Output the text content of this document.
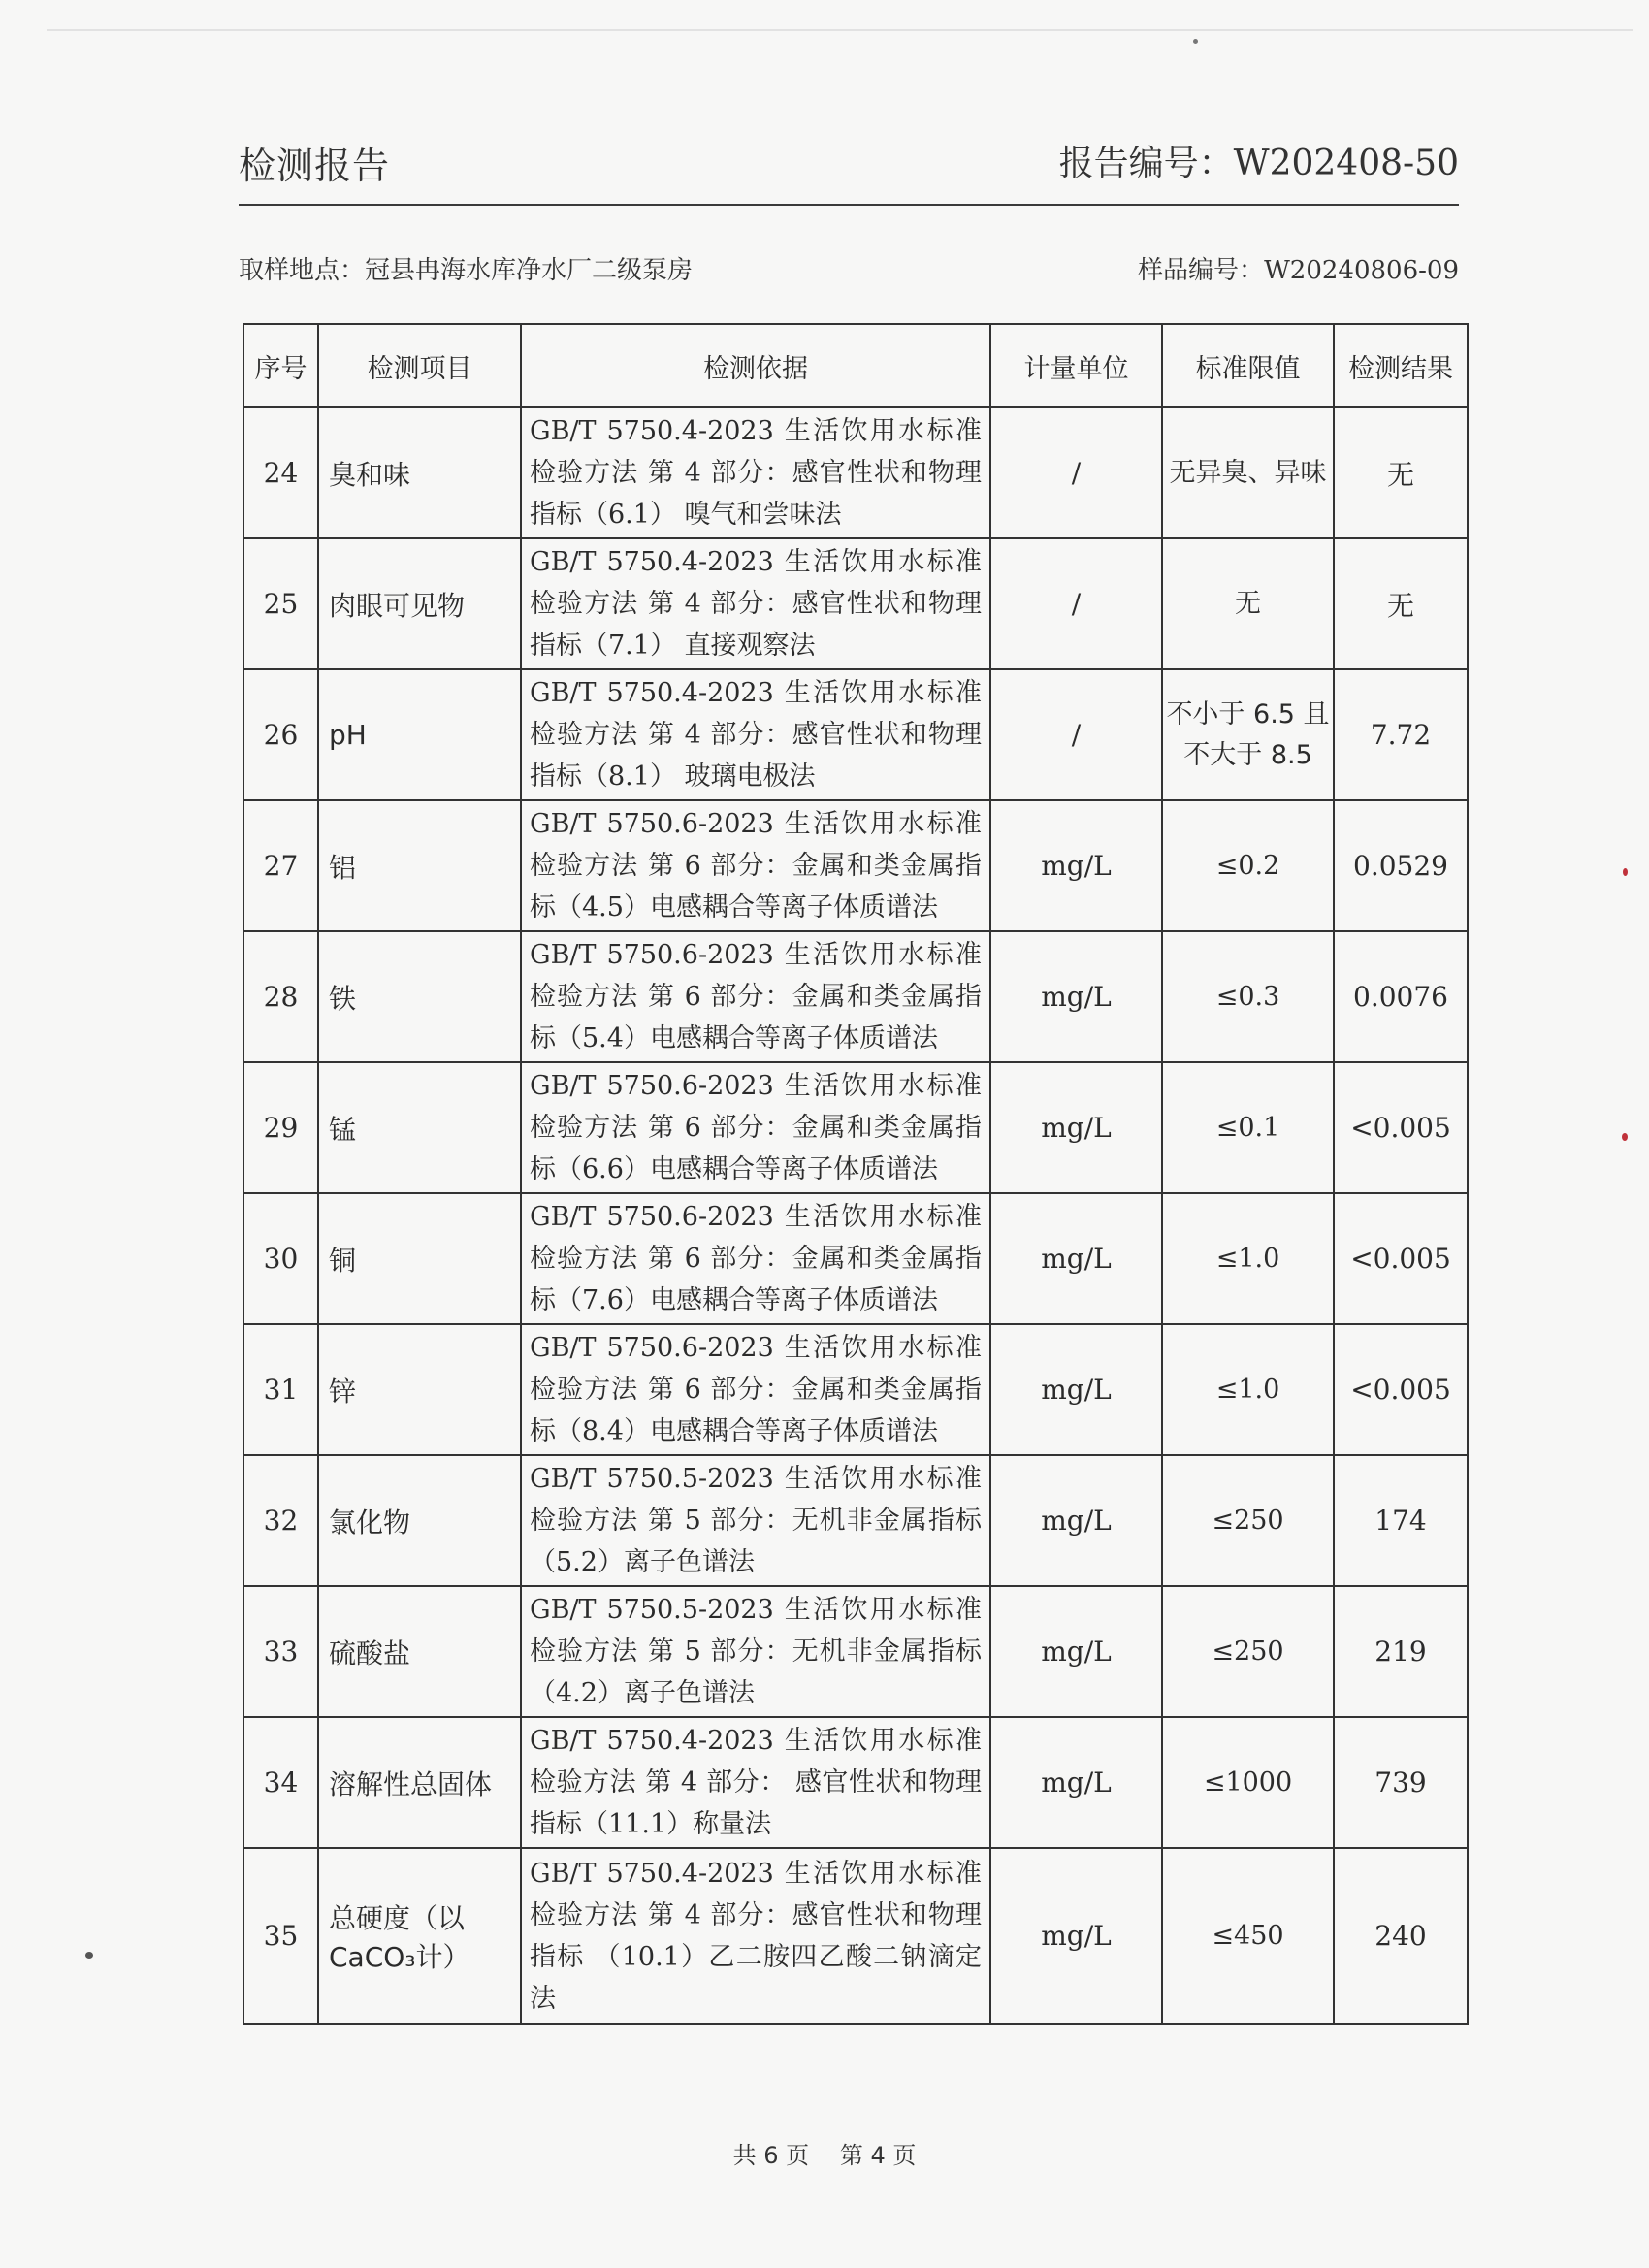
检测报告	报告编号：W202408-50
取样地点：冠县冉海水库净水厂二级泵房	样品编号：W20240806-09
序号	检测项目	检测依据	计量单位	标准限值	检测结果
24	臭和味	GB/T 5750.4-2023 生活饮用水标准检验方法 第 4 部分：感官性状和物理指标（6.1） 嗅气和尝味法	/	无异臭、异味	无
25	肉眼可见物	GB/T 5750.4-2023 生活饮用水标准检验方法 第 4 部分：感官性状和物理指标（7.1） 直接观察法	/	无	无
26	pH	GB/T 5750.4-2023 生活饮用水标准检验方法 第 4 部分：感官性状和物理指标（8.1） 玻璃电极法	/	不小于 6.5 且不大于 8.5	7.72
27	铝	GB/T 5750.6-2023 生活饮用水标准检验方法 第 6 部分：金属和类金属指标（4.5）电感耦合等离子体质谱法	mg/L	≤0.2	0.0529
28	铁	GB/T 5750.6-2023 生活饮用水标准检验方法 第 6 部分：金属和类金属指标（5.4）电感耦合等离子体质谱法	mg/L	≤0.3	0.0076
29	锰	GB/T 5750.6-2023 生活饮用水标准检验方法 第 6 部分：金属和类金属指标（6.6）电感耦合等离子体质谱法	mg/L	≤0.1	<0.005
30	铜	GB/T 5750.6-2023 生活饮用水标准检验方法 第 6 部分：金属和类金属指标（7.6）电感耦合等离子体质谱法	mg/L	≤1.0	<0.005
31	锌	GB/T 5750.6-2023 生活饮用水标准检验方法 第 6 部分：金属和类金属指标（8.4）电感耦合等离子体质谱法	mg/L	≤1.0	<0.005
32	氯化物	GB/T 5750.5-2023 生活饮用水标准检验方法 第 5 部分：无机非金属指标（5.2）离子色谱法	mg/L	≤250	174
33	硫酸盐	GB/T 5750.5-2023 生活饮用水标准检验方法 第 5 部分：无机非金属指标（4.2）离子色谱法	mg/L	≤250	219
34	溶解性总固体	GB/T 5750.4-2023 生活饮用水标准检验方法 第 4 部分： 感官性状和物理指标（11.1）称量法	mg/L	≤1000	739
35	总硬度（以CaCO₃计）	GB/T 5750.4-2023 生活饮用水标准检验方法 第 4 部分：感官性状和物理指标 （10.1）乙二胺四乙酸二钠滴定法	mg/L	≤450	240
共 6 页 第 4 页
